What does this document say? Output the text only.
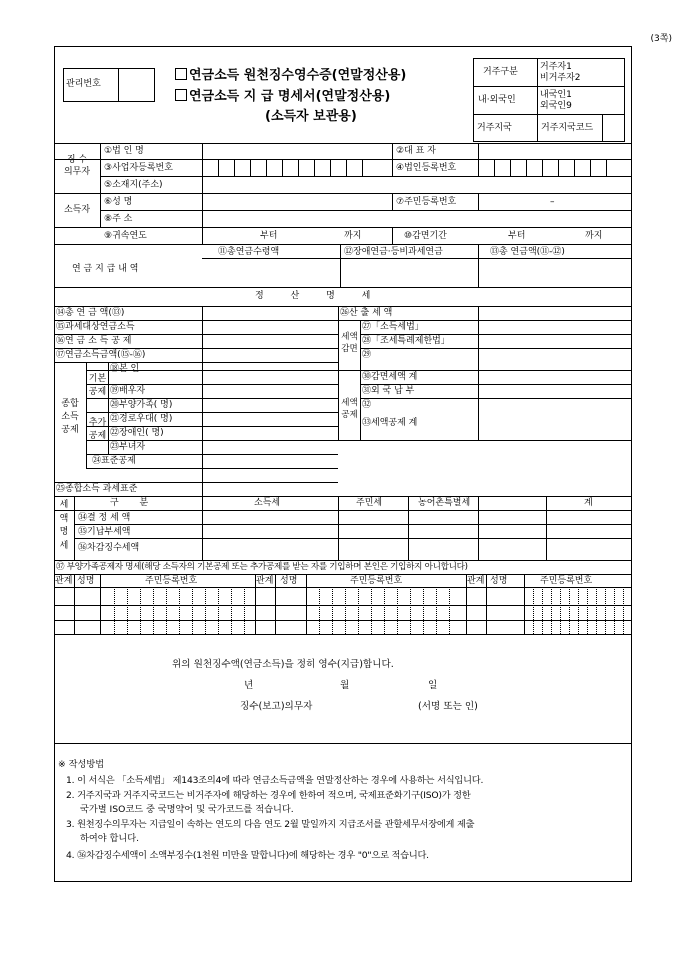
(3쪽)
관리번호
연금소득 원천징수영수증(연말정산용)
연금소득 지 급 명세서(연말정산용)
(소득자 보관용)
거주구분 거주자1
비거주자2
내·외국인	내국인1
외국인9
거주지국	거주지국코드
징 수
의무자
①법 인 명	②대 표 자
③사업자등록번호	④법인등록번호
⑤소재지(주소)
소득자
⑥성 명	⑦주민등록번호	–
⑧주 소
⑨귀속연도	부터	까지	⑩감면기간	부터	까지
연 금 지 급 내 역
⑪총연금수령액	⑫장애연금·등비과세연금	⑬총 연금액(⑪-⑫)
정 산 명 세
⑭총 연 금 액(⑬)
⑮과세대상연금소득
⑯연 금 소 득 공 제
⑰연금소득금액(⑮-⑯)
종합
소득
공제
기본
공제
추가
공제
⑱본 인
⑲배우자
⑳부양가족( 명)
㉑경로우대( 명)
㉒장애인( 명)
㉓부녀자
㉔표준공제
㉕종합소득 과세표준
㉖산 출 세 액
세액
감면
㉗「소득세법」
㉘「조세특례제한법」
㉙
㉚감면세액 계
세액
공제
㉛외 국 납 부
㉜
㉝세액공제 계
세
액
명
세
구 분	소득세	주민세	농어촌특별세	계
㉞결 정 세 액
㉟기납부세액
㊱차감징수세액
㊲ 부양가족공제자 명세(해당 소득자의 기본공제 또는 추가공제를 받는 자를 기입하며 본인은 기입하지 아니합니다)
관계 성명	주민등록번호	관계 성명	주민등록번호	관계 성명	주민등록번호
위의 원천징수액(연금소득)을 정히 영수(지급)합니다.
년	월	일
징수(보고)의무자	(서명 또는 인)
※ 작성방법
1. 이 서식은 「소득세법」 제143조의4에 따라 연금소득금액을 연말정산하는 경우에 사용하는 서식입니다.
2. 거주지국과 거주지국코드는 비거주자에 해당하는 경우에 한하여 적으며, 국제표준화기구(ISO)가 정한
국가별 ISO코드 중 국명약어 및 국가코드를 적습니다.
3. 원천징수의무자는 지급일이 속하는 연도의 다음 연도 2월 말일까지 지급조서를 관할세무서장에게 제출
하여야 합니다.
4. ㊱차감징수세액이 소액부징수(1천원 미만을 말합니다)에 해당하는 경우 "0"으로 적습니다.
